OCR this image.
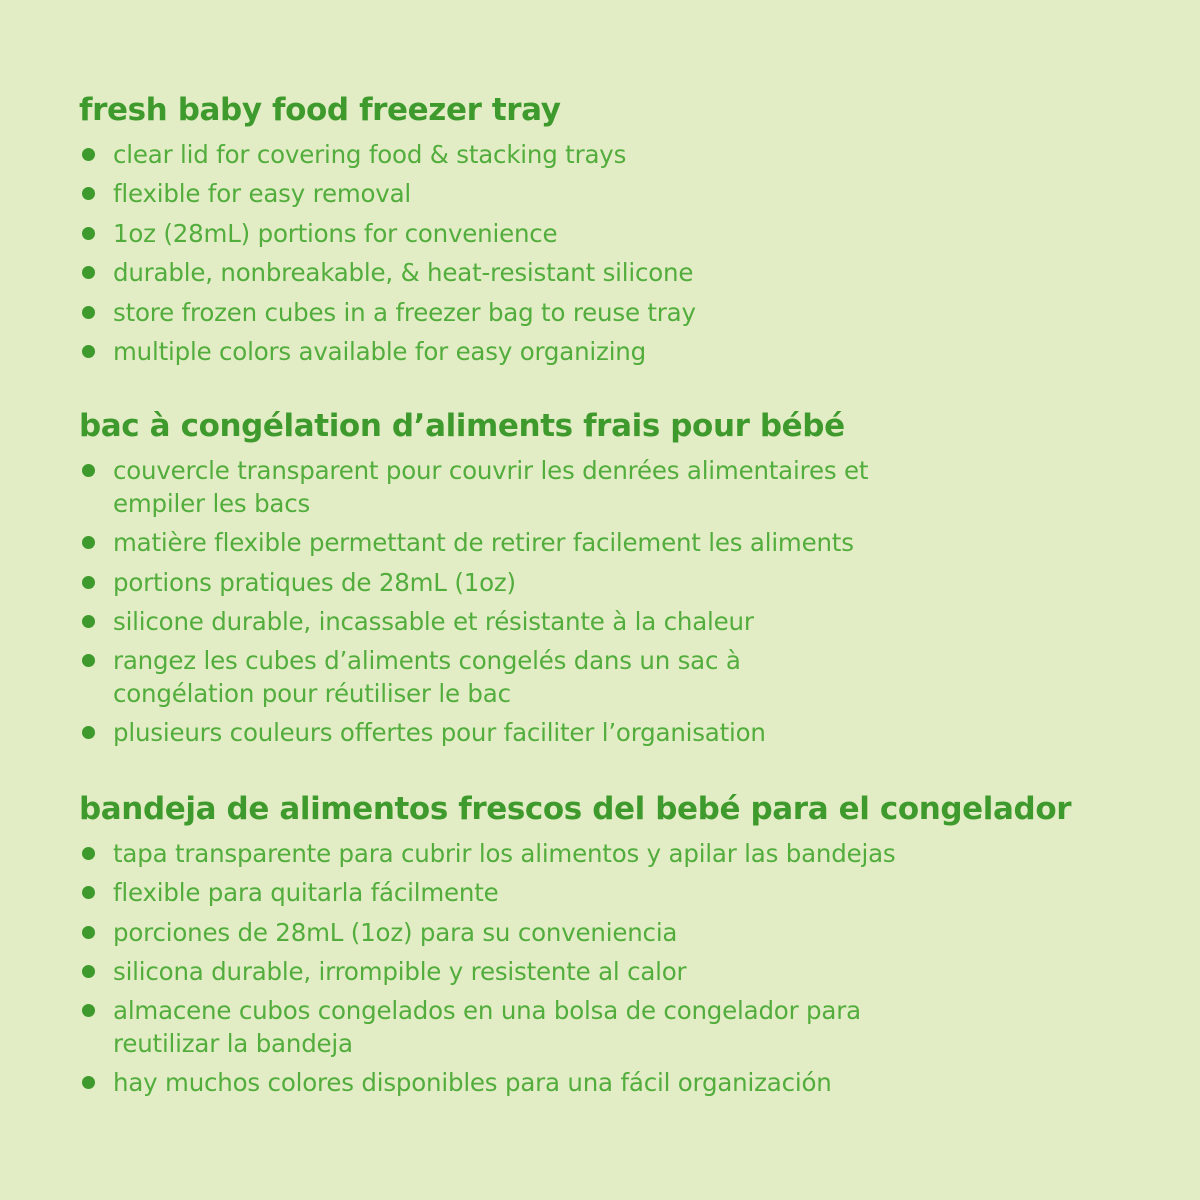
fresh baby food freezer tray
clear lid for covering food & stacking trays
flexible for easy removal
1oz (28mL) portions for convenience
durable, nonbreakable, & heat-resistant silicone
store frozen cubes in a freezer bag to reuse tray
multiple colors available for easy organizing
bac à congélation d’aliments frais pour bébé
couvercle transparent pour couvrir les denrées alimentaires et empiler les bacs
matière flexible permettant de retirer facilement les aliments
portions pratiques de 28mL (1oz)
silicone durable, incassable et résistante à la chaleur
rangez les cubes d’aliments congelés dans un sac à congélation pour réutiliser le bac
plusieurs couleurs offertes pour faciliter l’organisation
bandeja de alimentos frescos del bebé para el congelador
tapa transparente para cubrir los alimentos y apilar las bandejas
flexible para quitarla fácilmente
porciones de 28mL (1oz) para su conveniencia
silicona durable, irrompible y resistente al calor
almacene cubos congelados en una bolsa de congelador para reutilizar la bandeja
hay muchos colores disponibles para una fácil organización
